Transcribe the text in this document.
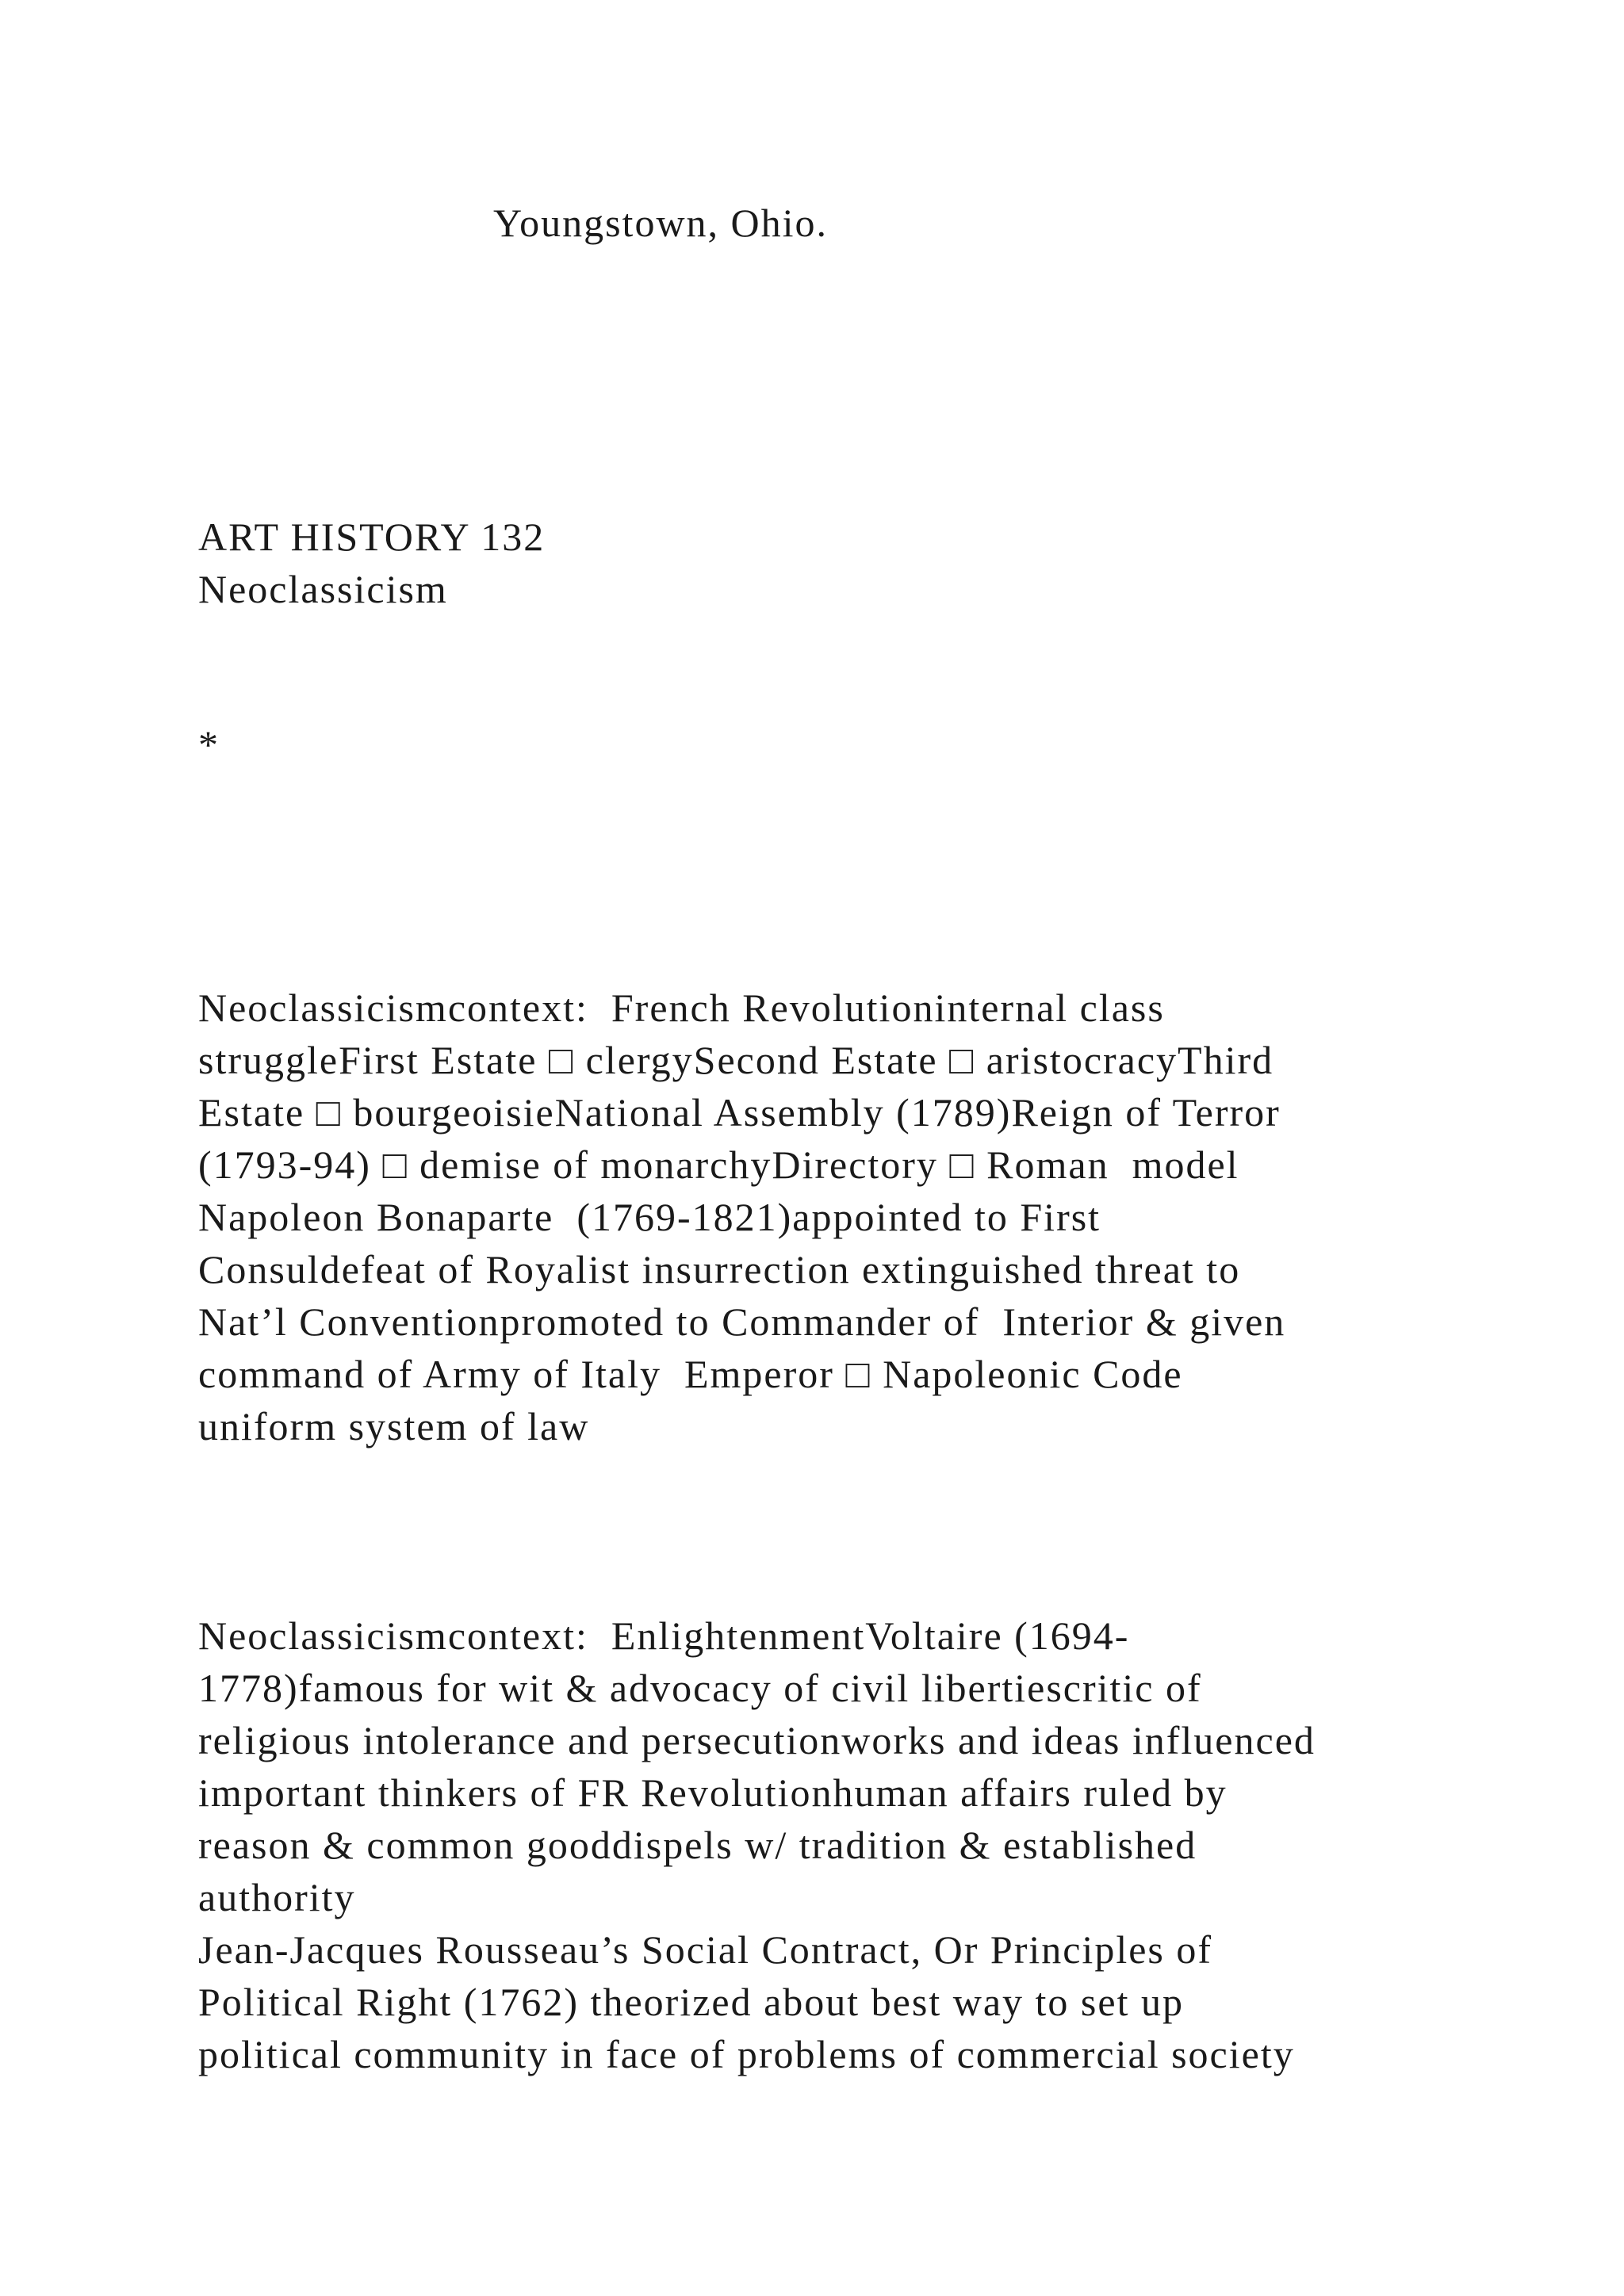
Youngstown, Ohio.
ART HISTORY 132
Neoclassicism
*
Neoclassicismcontext:  French Revolutioninternal class
struggleFirst Estate □ clergySecond Estate □ aristocracyThird
Estate □ bourgeoisieNational Assembly (1789)Reign of Terror
(1793-94) □ demise of monarchyDirectory □ Roman  model
Napoleon Bonaparte  (1769-1821)appointed to First
Consuldefeat of Royalist insurrection extinguished threat to
Nat’l Conventionpromoted to Commander of  Interior & given
command of Army of Italy  Emperor □ Napoleonic Code
uniform system of law
Neoclassicismcontext:  EnlightenmentVoltaire (1694-
1778)famous for wit & advocacy of civil libertiescritic of
religious intolerance and persecutionworks and ideas influenced
important thinkers of FR Revolutionhuman affairs ruled by
reason & common gooddispels w/ tradition & established
authority
Jean-Jacques Rousseau’s Social Contract, Or Principles of
Political Right (1762) theorized about best way to set up
political community in face of problems of commercial society
